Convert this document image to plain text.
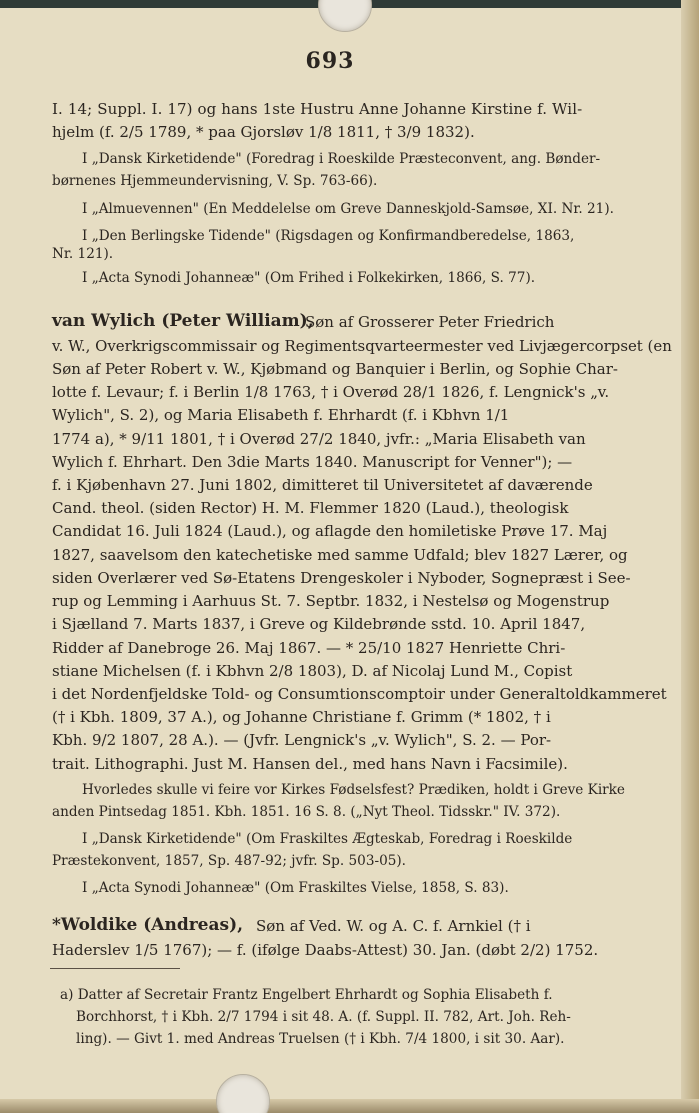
693
I. 14; Suppl. I. 17) og hans 1ste Hustru Anne Johanne Kirstine f. Wil-
hjelm (f. 2/5 1789, * paa Gjorsløv 1/8 1811, † 3/9 1832).
I „Dansk Kirketidende" (Foredrag i Roeskilde Præsteconvent, ang. Bønder-
børnenes Hjemmeundervisning, V. Sp. 763-66).
I „Almuevennen" (En Meddelelse om Greve Danneskjold-Samsøe, XI. Nr. 21).
I „Den Berlingske Tidende" (Rigsdagen og Konfirmandberedelse, 1863,
Nr. 121).
I „Acta Synodi Johanneæ" (Om Frihed i Folkekirken, 1866, S. 77).
van Wylich (Peter William),
Søn af Grosserer Peter Friedrich
v. W., Overkrigscommissair og Regimentsqvarteermester ved Livjægercorpset (en
Søn af Peter Robert v. W., Kjøbmand og Banquier i Berlin, og Sophie Char-
lotte f. Levaur; f. i Berlin 1/8 1763, † i Overød 28/1 1826, f. Lengnick's „v.
Wylich", S. 2), og Maria Elisabeth f. Ehrhardt (f. i Kbhvn 1/1
1774 a), * 9/11 1801, † i Overød 27/2 1840, jvfr.: „Maria Elisabeth van
Wylich f. Ehrhart. Den 3die Marts 1840. Manuscript for Venner"); —
f. i Kjøbenhavn 27. Juni 1802, dimitteret til Universitetet af daværende
Cand. theol. (siden Rector) H. M. Flemmer 1820 (Laud.), theologisk
Candidat 16. Juli 1824 (Laud.), og aflagde den homiletiske Prøve 17. Maj
1827, saavelsom den katechetiske med samme Udfald; blev 1827 Lærer, og
siden Overlærer ved Sø-Etatens Drengeskoler i Nyboder, Sognepræst i See-
rup og Lemming i Aarhuus St. 7. Septbr. 1832, i Nestelsø og Mogenstrup
i Sjælland 7. Marts 1837, i Greve og Kildebrønde sstd. 10. April 1847,
Ridder af Danebroge 26. Maj 1867. — * 25/10 1827 Henriette Chri-
stiane Michelsen (f. i Kbhvn 2/8 1803), D. af Nicolaj Lund M., Copist
i det Nordenfjeldske Told- og Consumtionscomptoir under Generaltoldkammeret
(† i Kbh. 1809, 37 A.), og Johanne Christiane f. Grimm (* 1802, † i
Kbh. 9/2 1807, 28 A.). — (Jvfr. Lengnick's „v. Wylich", S. 2. — Por-
trait. Lithographi. Just M. Hansen del., med hans Navn i Facsimile).
Hvorledes skulle vi feire vor Kirkes Fødselsfest? Prædiken, holdt i Greve Kirke
anden Pintsedag 1851. Kbh. 1851. 16 S. 8. („Nyt Theol. Tidsskr." IV. 372).
I „Dansk Kirketidende" (Om Fraskiltes Ægteskab, Foredrag i Roeskilde
Præstekonvent, 1857, Sp. 487-92; jvfr. Sp. 503-05).
I „Acta Synodi Johanneæ" (Om Fraskiltes Vielse, 1858, S. 83).
*Woldike (Andreas), Søn af Ved. W. og A. C. f. Arnkiel († i
Haderslev 1/5 1767); — f. (ifølge Daabs-Attest) 30. Jan. (døbt 2/2) 1752.
a) Datter af Secretair Frantz Engelbert Ehrhardt og Sophia Elisabeth f.
Borchhorst, † i Kbh. 2/7 1794 i sit 48. A. (f. Suppl. II. 782, Art. Joh. Reh-
ling). — Givt 1. med Andreas Truelsen († i Kbh. 7/4 1800, i sit 30. Aar).
